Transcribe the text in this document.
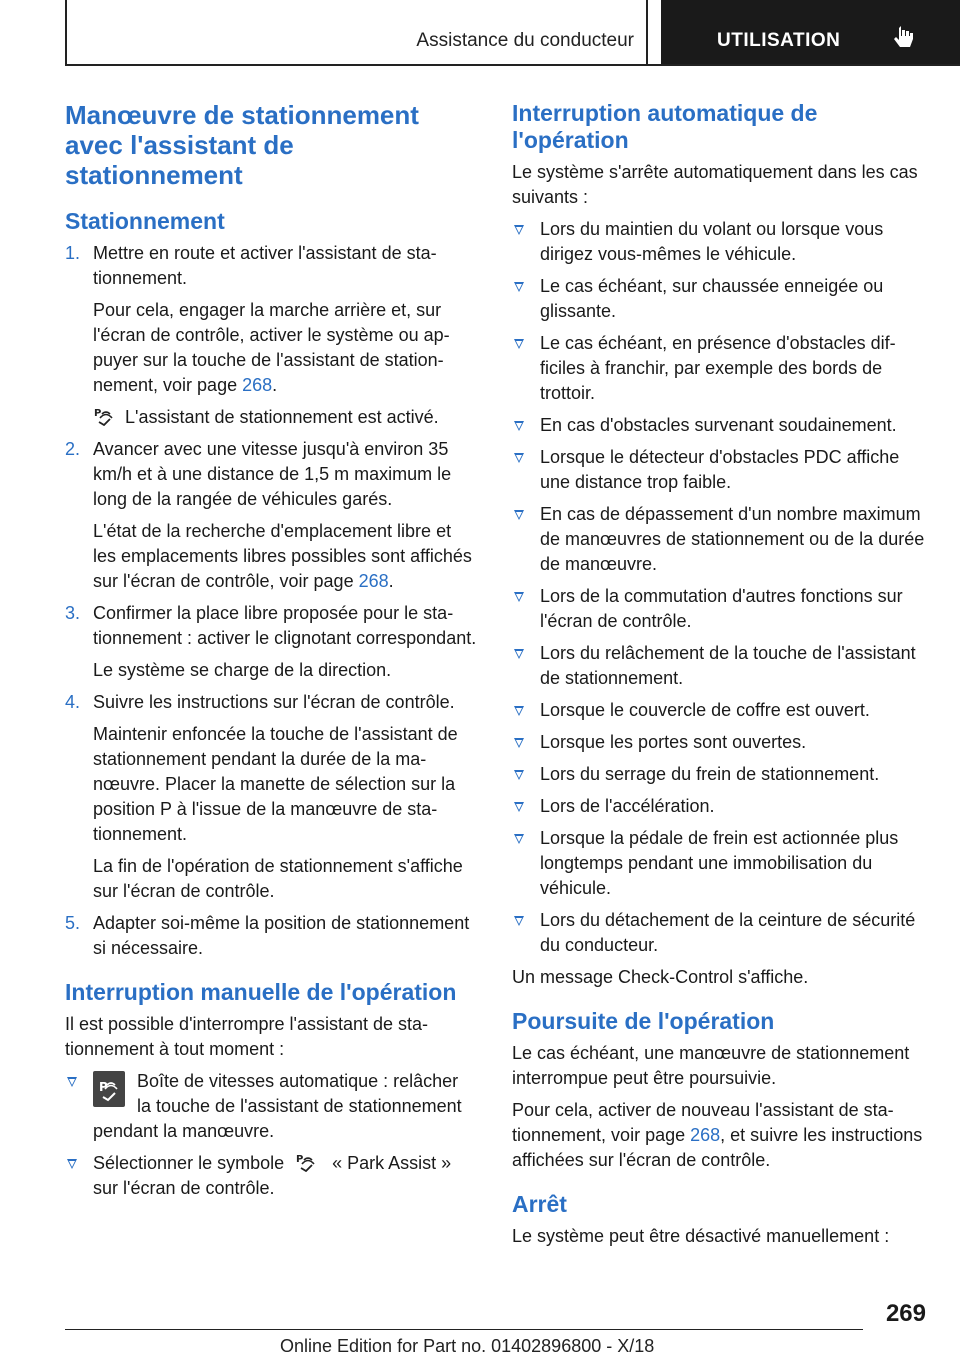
Assistance du conducteur	UTILISATION
Manœuvre de stationnement avec l'assistant de stationnement
Stationnement
1. Mettre en route et activer l'assistant de stationnement.

Pour cela, engager la marche arrière et, sur l'écran de contrôle, activer le système ou appuyer sur la touche de l'assistant de stationnement, voir page 268.

P L'assistant de stationnement est activé.

2. Avancer avec une vitesse jusqu'à environ 35 km/h et à une distance de 1,5 m maximum le long de la rangée de véhicules garés.

L'état de la recherche d'emplacement libre et les emplacements libres possibles sont affichés sur l'écran de contrôle, voir page 268.

3. Confirmer la place libre proposée pour le stationnement : activer le clignotant correspondant.

Le système se charge de la direction.

4. Suivre les instructions sur l'écran de contrôle.

Maintenir enfoncée la touche de l'assistant de stationnement pendant la durée de la manœuvre. Placer la manette de sélection sur la position P à l'issue de la manœuvre de stationnement.

La fin de l'opération de stationnement s'affiche sur l'écran de contrôle.

5. Adapter soi-même la position de stationnement si nécessaire.
Interruption manuelle de l'opération

Il est possible d'interrompre l'assistant de stationnement à tout moment :

P Boîte de vitesses automatique : relâcher la touche de l'assistant de stationnement pendant la manœuvre.
Sélectionner le symbole P « Park Assist » sur l'écran de contrôle.
Interruption automatique de l'opération

Le système s'arrête automatiquement dans les cas suivants :

Lors du maintien du volant ou lorsque vous dirigez vous-mêmes le véhicule.
Le cas échéant, sur chaussée enneigée ou glissante.
Le cas échéant, en présence d'obstacles difficiles à franchir, par exemple des bords de trottoir.
En cas d'obstacles survenant soudainement.
Lorsque le détecteur d'obstacles PDC affiche une distance trop faible.
En cas de dépassement d'un nombre maximum de manœuvres de stationnement ou de la durée de manœuvre.
Lors de la commutation d'autres fonctions sur l'écran de contrôle.
Lors du relâchement de la touche de l'assistant de stationnement.
Lorsque le couvercle de coffre est ouvert.
Lorsque les portes sont ouvertes.
Lors du serrage du frein de stationnement.
Lors de l'accélération.
Lorsque la pédale de frein est actionnée plus longtemps pendant une immobilisation du véhicule.
Lors du détachement de la ceinture de sécurité du conducteur.

Un message Check-Control s'affiche.

Poursuite de l'opération

Le cas échéant, une manœuvre de stationnement interrompue peut être poursuivie.

Pour cela, activer de nouveau l'assistant de stationnement, voir page 268, et suivre les instructions affichées sur l'écran de contrôle.

Arrêt

Le système peut être désactivé manuellement :

269
Online Edition for Part no. 01402896800 - X/18
